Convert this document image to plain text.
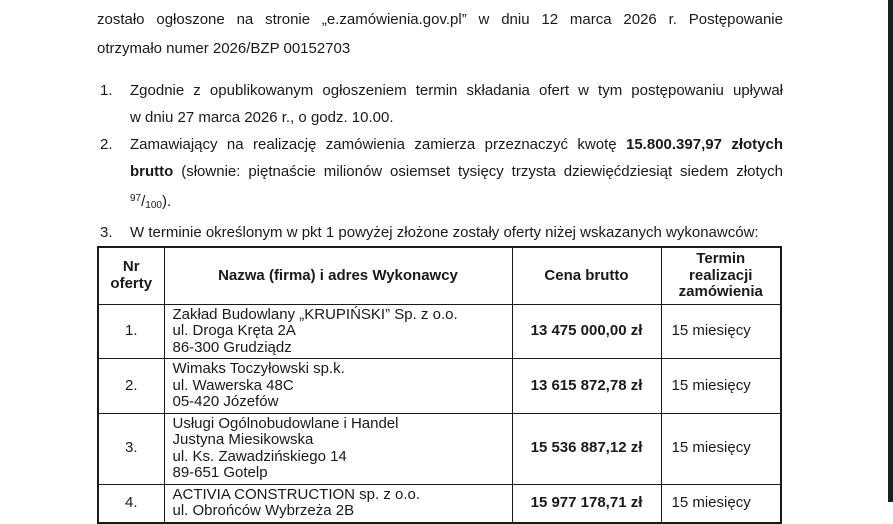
zostało ogłoszone na stronie „e.zamówienia.gov.pl” w dniu 12 marca 2026 r. Postępowanie
otrzymało numer 2026/BZP 00152703
1. Zgodnie z opublikowanym ogłoszeniem termin składania ofert w tym postępowaniu upływał
w dniu 27 marca 2026 r., o godz. 10.00.
2. Zamawiający na realizację zamówienia zamierza przeznaczyć kwotę 15.800.397,97 złotych
brutto (słownie: piętnaście milionów osiemset tysięcy trzysta dziewięćdziesiąt siedem złotych
$^{97}$/100).
3. W terminie określonym w pkt 1 powyżej złożone zostały oferty niżej wskazanych wykonawców:
Nr oferty	Nazwa (firma) i adres Wykonawcy	Cena brutto	Termin realizacji zamówienia
1.	Zakład Budowlany „KRUPIŃSKI” Sp. z o.o.
ul. Droga Kręta 2A
86-300 Grudziądz	13 475 000,00 zł	15 miesięcy
2.	Wimaks Toczyłowski sp.k.
ul. Wawerska 48C
05-420 Józefów	13 615 872,78 zł	15 miesięcy
3.	Usługi Ogólnobudowlane i Handel
Justyna Miesikowska
ul. Ks. Zawadzińskiego 14
89-651 Gotelp	15 536 887,12 zł	15 miesięcy
4.	ACTIVIA CONSTRUCTION sp. z o.o.
ul. Obrońców Wybrzeża 2B	15 977 178,71 zł	15 miesięcy
